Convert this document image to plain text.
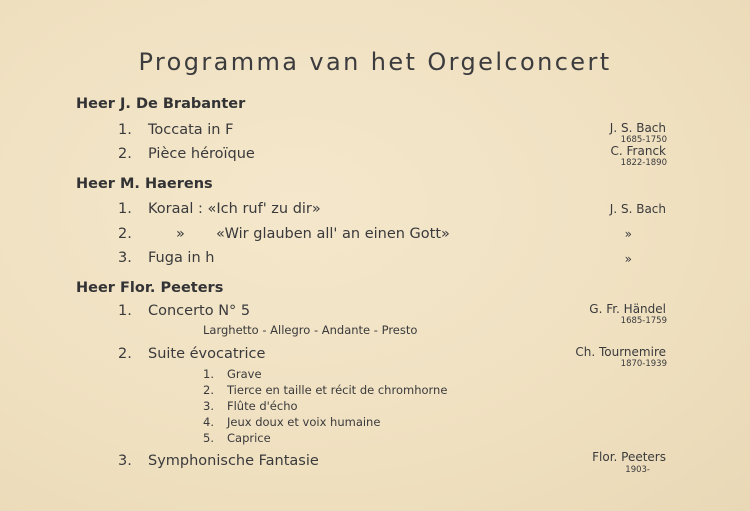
Programma van het Orgelconcert
Heer J. De Brabanter
1. Toccata in F	J. S. Bach
1685-1750
2. Pièce héroïque	C. Franck
1822-1890
Heer M. Haerens
1. Koraal : «Ich ruf' zu dir»	J. S. Bach
2.	» «Wir glauben all' an einen Gott»	»
3. Fuga in h	»
Heer Flor. Peeters
1. Concerto N° 5	G. Fr. Händel
1685-1759
Larghetto - Allegro - Andante - Presto
2. Suite évocatrice	Ch. Tournemire
1870-1939
1. Grave
2. Tierce en taille et récit de chromhorne
3. Flûte d'écho
4. Jeux doux et voix humaine
5. Caprice
3. Symphonische Fantasie	Flor. Peeters
1903-
